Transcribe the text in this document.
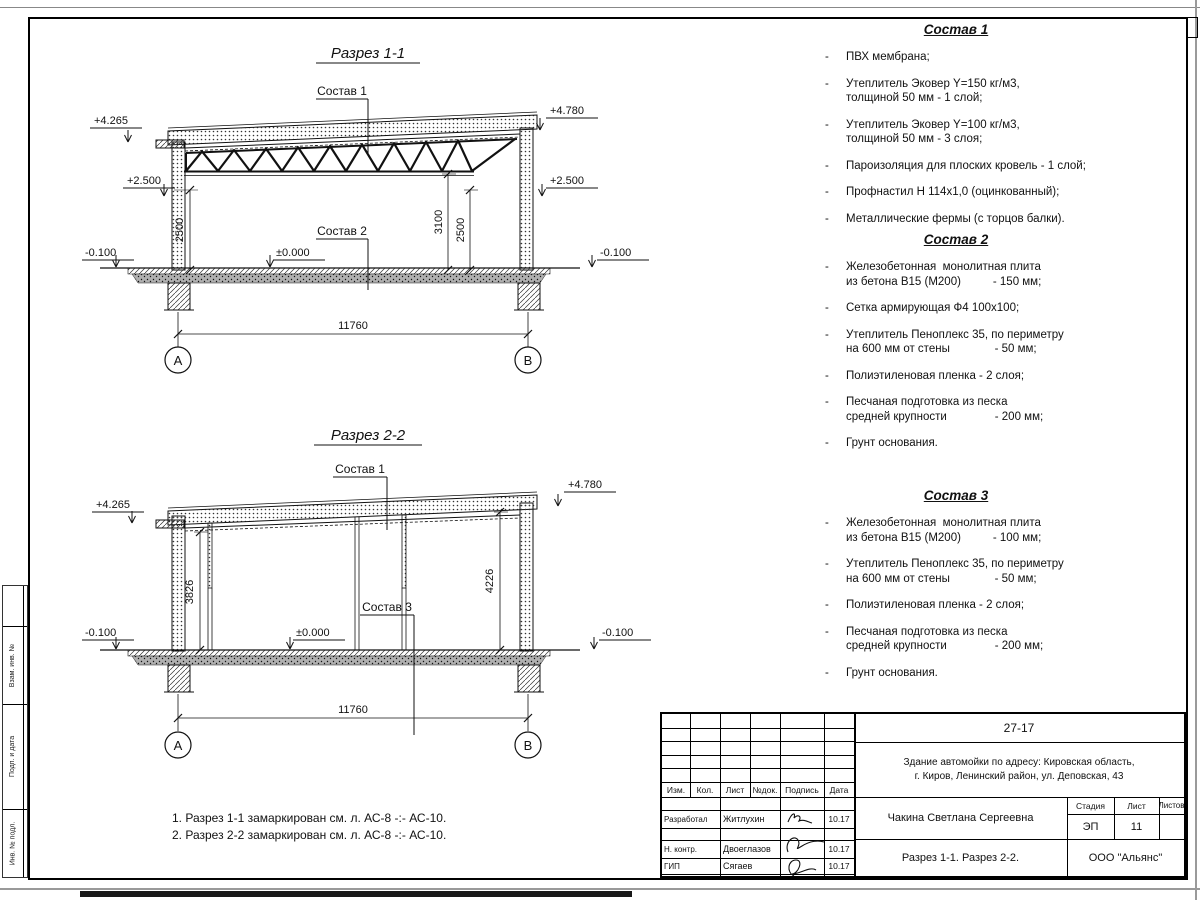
Взам. инв. №
Подп. и дата
Инв. № подл.
Разрез 1-1
Состав 1
Состав 2
+4.265
+2.500
-0.100	±0.000
+4.780
+2.500
-0.100
2500	3100 2500
11760
А	В
Разрез 2-2
Состав 1
Состав 3
+4.265
+4.780
-0.100	-0.100
±0.000
3826	4226
11760
А	В
1. Разрез 1-1 замаркирован см. л. АС-8 -:- АС-10.
2. Разрез 2-2 замаркирован см. л. АС-8 -:- АС-10.
Состав 1
-	ПВХ мембрана;
-	Утеплитель Эковер Y=150 кг/м3,
толщиной 50 мм - 1 слой;
-	Утеплитель Эковер Y=100 кг/м3,
толщиной 50 мм - 3 слоя;
-	Пароизоляция для плоских кровель - 1 слой;
-	Профнастил Н 114х1,0 (оцинкованный);
-	Металлические фермы (с торцов балки).
Состав 2
-	Железобетонная  монолитная плита
из бетона В15 (М200)          - 150 мм;
-	Сетка армирующая Ф4 100х100;
-	Утеплитель Пеноплекс 35, по периметру
на 600 мм от стены              - 50 мм;
-	Полиэтиленовая пленка - 2 слоя;
-	Песчаная подготовка из песка
средней крупности               - 200 мм;
-	Грунт основания.
Состав 3
-	Железобетонная  монолитная плита
из бетона В15 (М200)          - 100 мм;
-	Утеплитель Пеноплекс 35, по периметру
на 600 мм от стены              - 50 мм;
-	Полиэтиленовая пленка - 2 слоя;
-	Песчаная подготовка из песка
средней крупности               - 200 мм;
-	Грунт основания.
Изм.	Кол.	Лист №док. Подпись	Дата
Разработал	Житлухин	10.17
Н. контр.	Двоеглазов	10.17
ГИП	Сягаев	10.17
27-17
Здание автомойки по адресу: Кировская область,
г. Киров, Ленинский район, ул. Деповская, 43
Чакина Светлана Сергеевна
Стадия	Лист	Листов
ЭП	11
Разрез 1-1. Разрез 2-2.	ООО "Альянс"
